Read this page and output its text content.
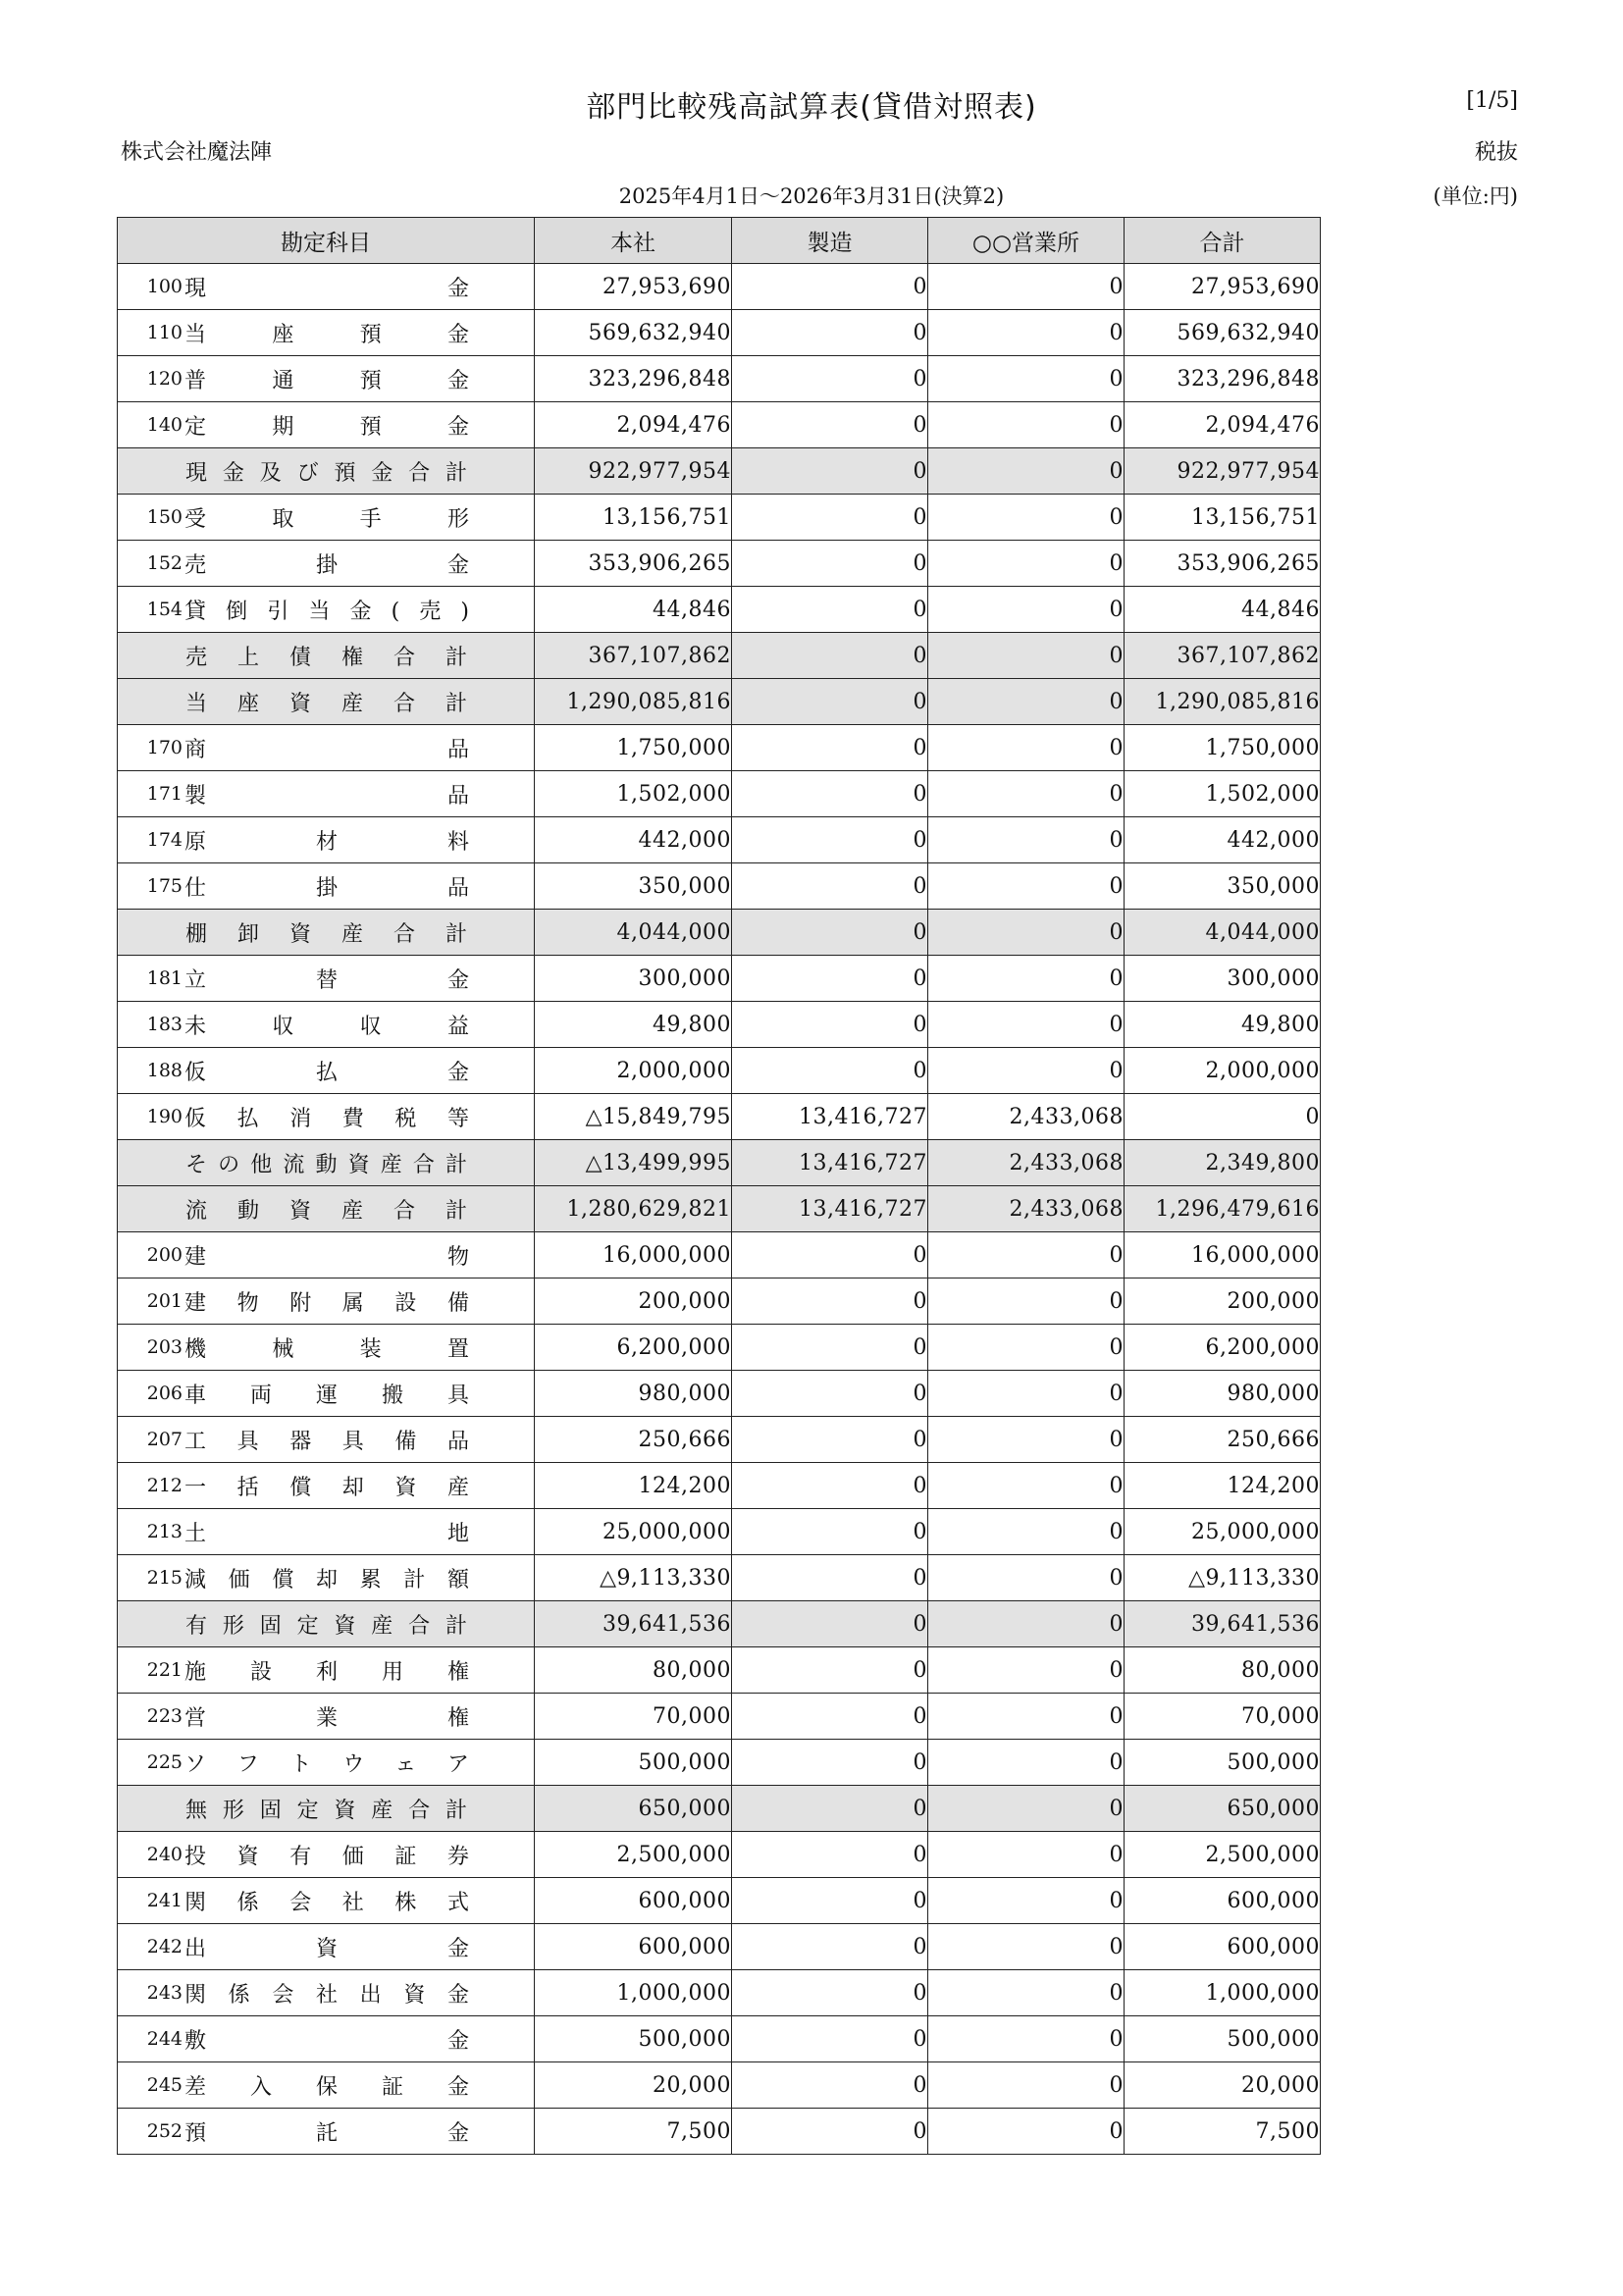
部門比較残高試算表(貸借対照表)	[1/5]
株式会社魔法陣	税抜
2025年4月1日～2026年3月31日(決算2)	(単位:円)
勘定科目	本社	製造	○○営業所	合計
100現金	27,953,690	0	0	27,953,690
110当座預金	569,632,940	0	0	569,632,940
120普通預金	323,296,848	0	0	323,296,848
140定期預金	2,094,476	0	0	2,094,476

現金及び預金合計	922,977,954	0	0	922,977,954
150受取手形	13,156,751	0	0	13,156,751
152売掛金	353,906,265	0	0	353,906,265
154貸倒引当金(売)	44,846	0	0	44,846

売上債権合計	367,107,862	0	0	367,107,862

当座資産合計	1,290,085,816	0	0	1,290,085,816
170商品	1,750,000	0	0	1,750,000
171製品	1,502,000	0	0	1,502,000
174原材料	442,000	0	0	442,000
175仕掛品	350,000	0	0	350,000

棚卸資産合計	4,044,000	0	0	4,044,000
181立替金	300,000	0	0	300,000
183未収収益	49,800	0	0	49,800
188仮払金	2,000,000	0	0	2,000,000
190仮払消費税等	△15,849,795	13,416,727	2,433,068	0

その他流動資産合計	△13,499,995	13,416,727	2,433,068	2,349,800

流動資産合計	1,280,629,821	13,416,727	2,433,068	1,296,479,616
200建物	16,000,000	0	0	16,000,000
201建物附属設備	200,000	0	0	200,000
203機械装置	6,200,000	0	0	6,200,000
206車両運搬具	980,000	0	0	980,000
207工具器具備品	250,666	0	0	250,666
212一括償却資産	124,200	0	0	124,200
213土地	25,000,000	0	0	25,000,000
215減価償却累計額	△9,113,330	0	0	△9,113,330

有形固定資産合計	39,641,536	0	0	39,641,536
221施設利用権	80,000	0	0	80,000
223営業権	70,000	0	0	70,000
225ソフトウェア	500,000	0	0	500,000

無形固定資産合計	650,000	0	0	650,000
240投資有価証券	2,500,000	0	0	2,500,000
241関係会社株式	600,000	0	0	600,000
242出資金	600,000	0	0	600,000
243関係会社出資金	1,000,000	0	0	1,000,000
244敷金	500,000	0	0	500,000
245差入保証金	20,000	0	0	20,000
252預託金	7,500	0	0	7,500
